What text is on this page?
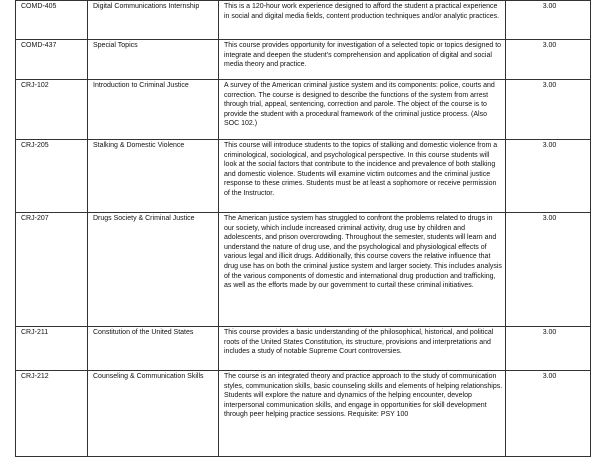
COMD-405	Digital Communications Internship	This is a 120-hour work experience designed to afford the student a practical experience in social and digital media fields, content production techniques and/or analytic practices.	3.00
COMD-437	Special Topics	This course provides opportunity for investigation of a selected topic or topics designed to integrate and deepen the student's comprehension and application of digital and social media theory and practice.	3.00
CRJ-102	Introduction to Criminal Justice	A survey of the American criminal justice system and its components: police, courts and correction. The course is designed to describe the functions of the system from arrest through trial, appeal, sentencing, correction and parole. The object of the course is to provide the student with a procedural framework of the criminal justice process. (Also SOC 102.)	3.00
CRJ-205	Stalking & Domestic Violence	This course will introduce students to the topics of stalking and domestic violence from a criminological, sociological, and psychological perspective. In this course students will look at the social factors that contribute to the incidence and prevalence of both stalking and domestic violence. Students will examine victim outcomes and the criminal justice response to these crimes. Students must be at least a sophomore or receive permission of the Instructor.	3.00
CRJ-207	Drugs Society & Criminal Justice	The American justice system has struggled to confront the problems related to drugs in our society, which include increased criminal activity, drug use by children and adolescents, and prison overcrowding. Throughout the semester, students will learn and understand the nature of drug use, and the psychological and physiological effects of various legal and illicit drugs. Additionally, this course covers the relative influence that drug use has on both the criminal justice system and larger society. This includes analysis of the various components of domestic and international drug production and trafficking, as well as the efforts made by our government to curtail these criminal initiatives.	3.00
CRJ-211	Constitution of the United States	This course provides a basic understanding of the philosophical, historical, and political roots of the United States Constitution, its structure, provisions and interpretations and includes a study of notable Supreme Court controversies.	3.00
CRJ-212	Counseling & Communication Skills	The course is an integrated theory and practice approach to the study of communication styles, communication skills, basic counseling skills and elements of helping relationships. Students will explore the nature and dynamics of the helping encounter, develop interpersonal communication skills, and engage in opportunities for skill development through peer helping practice sessions. Requisite: PSY 100	3.00
